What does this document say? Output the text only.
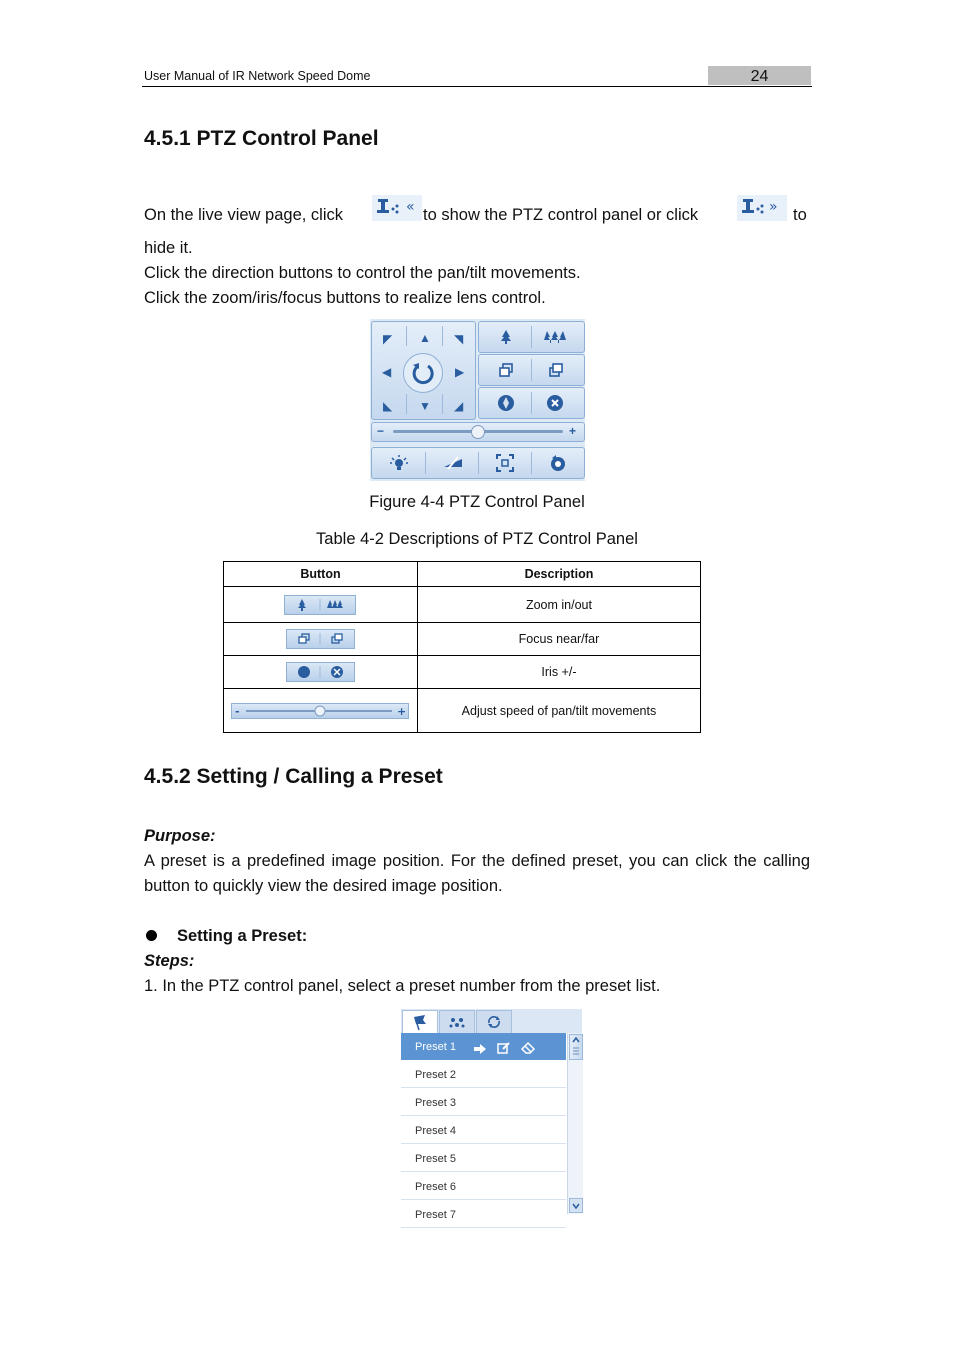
User Manual of IR Network Speed Dome	24
4.5.1 PTZ Control Panel
On the live view page, click	to show the PTZ control panel or click	to
«	»
hide it.
Click the direction buttons to control the pan/tilt movements.
Click the zoom/iris/focus buttons to realize lens control.
◤ ▲ ◥
◀	▶
◣ ▼ ◢
−	+
Figure 4-4 PTZ Control Panel
Table 4-2 Descriptions of PTZ Control Panel
Button	Description
	Zoom in/out
	Focus near/far
	Iris +/-

- +	Adjust speed of pan/tilt movements
4.5.2 Setting / Calling a Preset
Purpose:
A preset is a predefined image position. For the defined preset, you can click the calling button to quickly view the desired image position.
Setting a Preset:
Steps:
1. In the PTZ control panel, select a preset number from the preset list.
Preset 1
Preset 2
Preset 3
Preset 4
Preset 5
Preset 6
Preset 7
